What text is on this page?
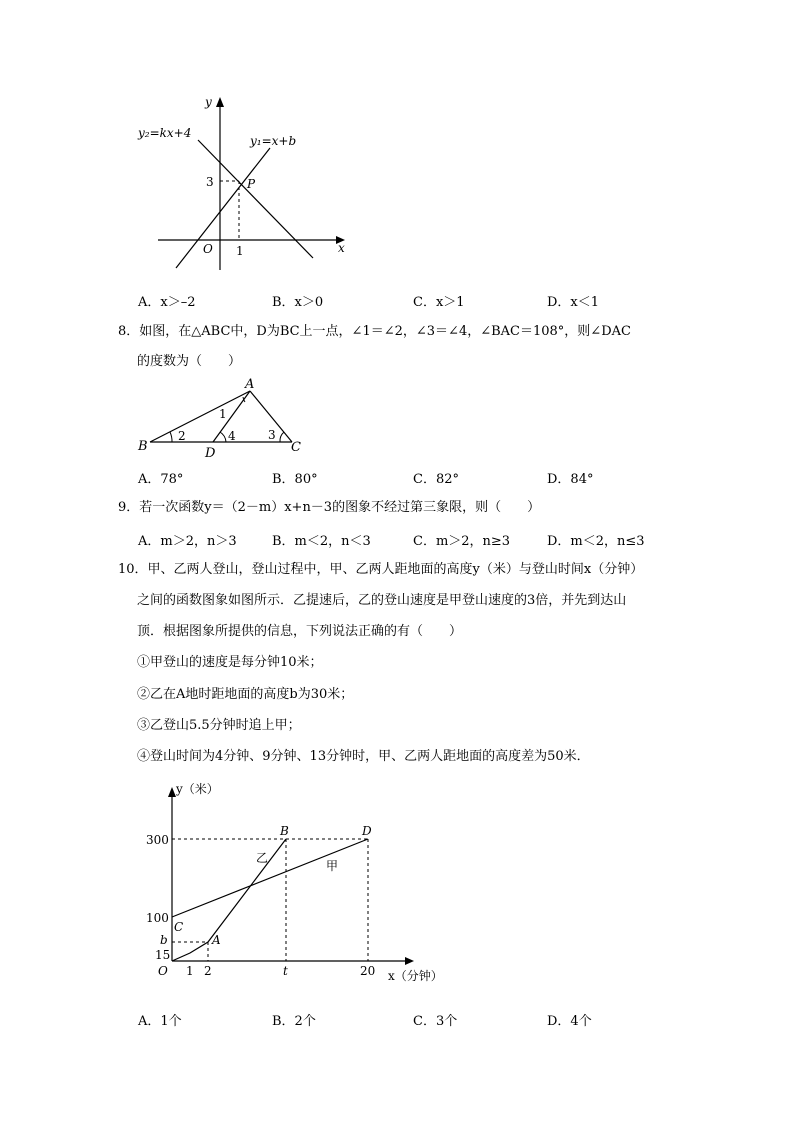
y
x
O
y₂=kx+4
y₁=x+b
P
3
1
A．x＞–2	B．x＞0	C．x＞1	D．x＜1
8．如图，在△ABC中，D为BC上一点，∠1＝∠2，∠3＝∠4，∠BAC＝108°，则∠DAC
的度数为（　　）
A
B	C
D
1
2	4	3
A．78°	B．80°	C．82°	D．84°
9．若一次函数y＝（2－m）x+n－3的图象不经过第三象限，则（　　）
A．m＞2，n＞3	B．m＜2，n＜3	C．m＞2，n≥3	D．m＜2，n≤3
10．甲、乙两人登山，登山过程中，甲、乙两人距地面的高度y（米）与登山时间x（分钟）
之间的函数图象如图所示．乙提速后，乙的登山速度是甲登山速度的3倍，并先到达山
顶．根据图象所提供的信息，下列说法正确的有（　　）
①甲登山的速度是每分钟10米；
②乙在A地时距地面的高度b为30米；
③乙登山5.5分钟时追上甲；
④登山时间为4分钟、9分钟、13分钟时，甲、乙两人距地面的高度差为50米．
y（米）
x（分钟）
O
300
100
b
15
1 2	t	20
B	D
C
A
乙
甲
A．1个	B．2个	C．3个	D．4个
